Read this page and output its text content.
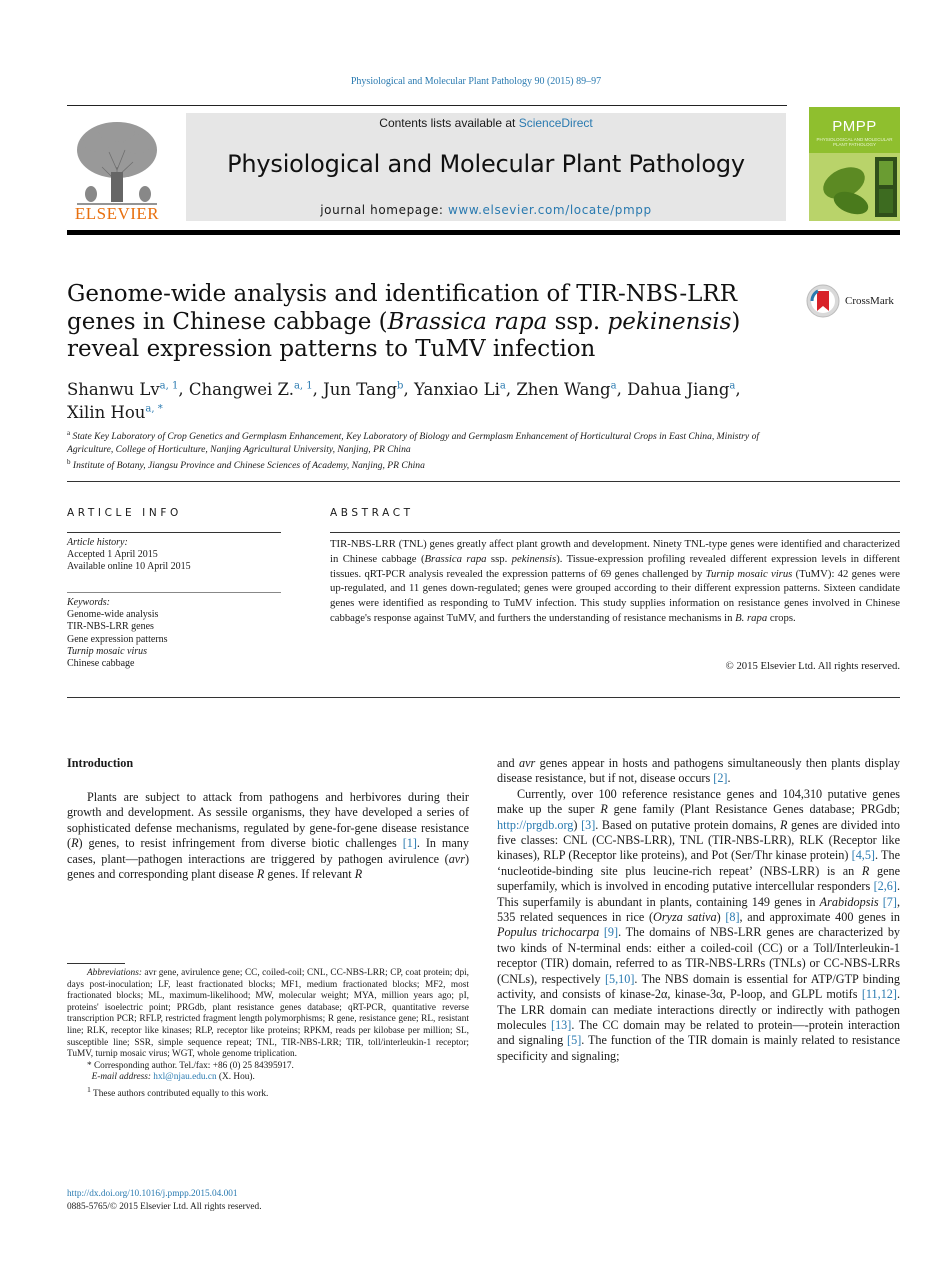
Physiological and Molecular Plant Pathology 90 (2015) 89–97
ELSEVIER
Contents lists available at ScienceDirect
Physiological and Molecular Plant Pathology
journal homepage: www.elsevier.com/locate/pmpp
PMPP
PHYSIOLOGICAL AND MOLECULAR PLANT PATHOLOGY
Genome-wide analysis and identification of TIR-NBS-LRR genes in Chinese cabbage (Brassica rapa ssp. pekinensis) reveal expression patterns to TuMV infection
CrossMark
Shanwu Lv$^{a, 1}$, Changwei Z.$^{a, 1}$, Jun Tang$^b$, Yanxiao Li$^a$, Zhen Wang$^a$, Dahua Jiang$^a$,
Xilin Hou$^{a, *}$
$^a$ State Key Laboratory of Crop Genetics and Germplasm Enhancement, Key Laboratory of Biology and Germplasm Enhancement of Horticultural Crops in East China, Ministry of Agriculture, College of Horticulture, Nanjing Agricultural University, Nanjing, PR China
$^b$ Institute of Botany, Jiangsu Province and Chinese Sciences of Academy, Nanjing, PR China
ARTICLE INFO	ABSTRACT
Article history:
Accepted 1 April 2015
Available online 10 April 2015
Keywords:
Genome-wide analysis
TIR-NBS-LRR genes
Gene expression patterns
Turnip mosaic virus
Chinese cabbage
TIR-NBS-LRR (TNL) genes greatly affect plant growth and development. Ninety TNL-type genes were identified and characterized in Chinese cabbage (Brassica rapa ssp. pekinensis). Tissue-expression profiling revealed different expression levels in different tissues. qRT-PCR analysis revealed the expression patterns of 69 genes challenged by Turnip mosaic virus (TuMV): 42 genes were up-regulated, and 11 genes down-regulated; genes were grouped according to their different expression patterns. Sixteen candidate genes were identified as responding to TuMV infection. This study supplies information on resistance genes involved in Chinese cabbage's response against TuMV, and furthers the understanding of resistance mechanisms in B. rapa crops.
© 2015 Elsevier Ltd. All rights reserved.
Introduction

Plants are subject to attack from pathogens and herbivores during their growth and development. As sessile organisms, they have developed a series of sophisticated defense mechanisms, regulated by gene-for-gene disease resistance (R) genes, to resist infringement from diverse biotic challenges [1]. In many cases, plant—pathogen interactions are triggered by pathogen avirulence (avr) genes and corresponding plant disease R genes. If relevant R

and avr genes appear in hosts and pathogens simultaneously then plants display disease resistance, but if not, disease occurs [2].

Currently, over 100 reference resistance genes and 104,310 putative genes make up the super R gene family (Plant Resistance Genes database; PRGdb; http://prgdb.org) [3]. Based on putative protein domains, R genes are divided into five classes: CNL (CC-NBS-LRR), TNL (TIR-NBS-LRR), RLK (Receptor like kinases), RLP (Receptor like proteins), and Pot (Ser/Thr kinase protein) [4,5]. The ‘nucleotide-binding site plus leucine-rich repeat’ (NBS-LRR) is an R gene superfamily, which is involved in encoding putative intercellular responders [2,6]. This superfamily is abundant in plants, containing 149 genes in Arabidopsis [7], 535 related sequences in rice (Oryza sativa) [8], and approximate 400 genes in Populus trichocarpa [9]. The domains of NBS-LRR genes are characterized by two kinds of N-terminal ends: either a coiled-coil (CC) or a Toll/Interleukin-1 receptor (TIR) domain, referred to as TIR-NBS-LRRs (TNLs) or CC-NBS-LRRs (CNLs), respectively [5,10]. The NBS domain is essential for ATP/GTP binding activity, and consists of kinase-2α, kinase-3α, P-loop, and GLPL motifs [11,12]. The LRR domain can mediate interactions directly or indirectly with pathogen molecules [13]. The CC domain may be related to protein—-protein interaction and signaling [5]. The function of the TIR domain is mainly related to resistance specificity and signaling;

Abbreviations: avr gene, avirulence gene; CC, coiled-coil; CNL, CC-NBS-LRR; CP, coat protein; dpi, days post-inoculation; LF, least fractionated blocks; MF1, medium fractionated blocks; MF2, most fractionated blocks; ML, maximum-likelihood; MW, molecular weight; MYA, million years ago; pI, proteins' isoelectric point; PRGdb, plant resistance genes database; qRT-PCR, quantitative reverse transcription PCR; RFLP, restricted fragment length polymorphisms; R gene, resistance gene; RL, resistant line; RLK, receptor like kinases; RLP, receptor like proteins; RPKM, reads per kilobase per million; SL, susceptible line; SSR, simple sequence repeat; TNL, TIR-NBS-LRR; TIR, toll/interleukin-1 receptor; TuMV, turnip mosaic virus; WGT, whole genome triplication.

* Corresponding author. Tel./fax: +86 (0) 25 84395917.

E-mail address: hxl@njau.edu.cn (X. Hou).

$^1$ These authors contributed equally to this work.

http://dx.doi.org/10.1016/j.pmpp.2015.04.001
0885-5765/© 2015 Elsevier Ltd. All rights reserved.
